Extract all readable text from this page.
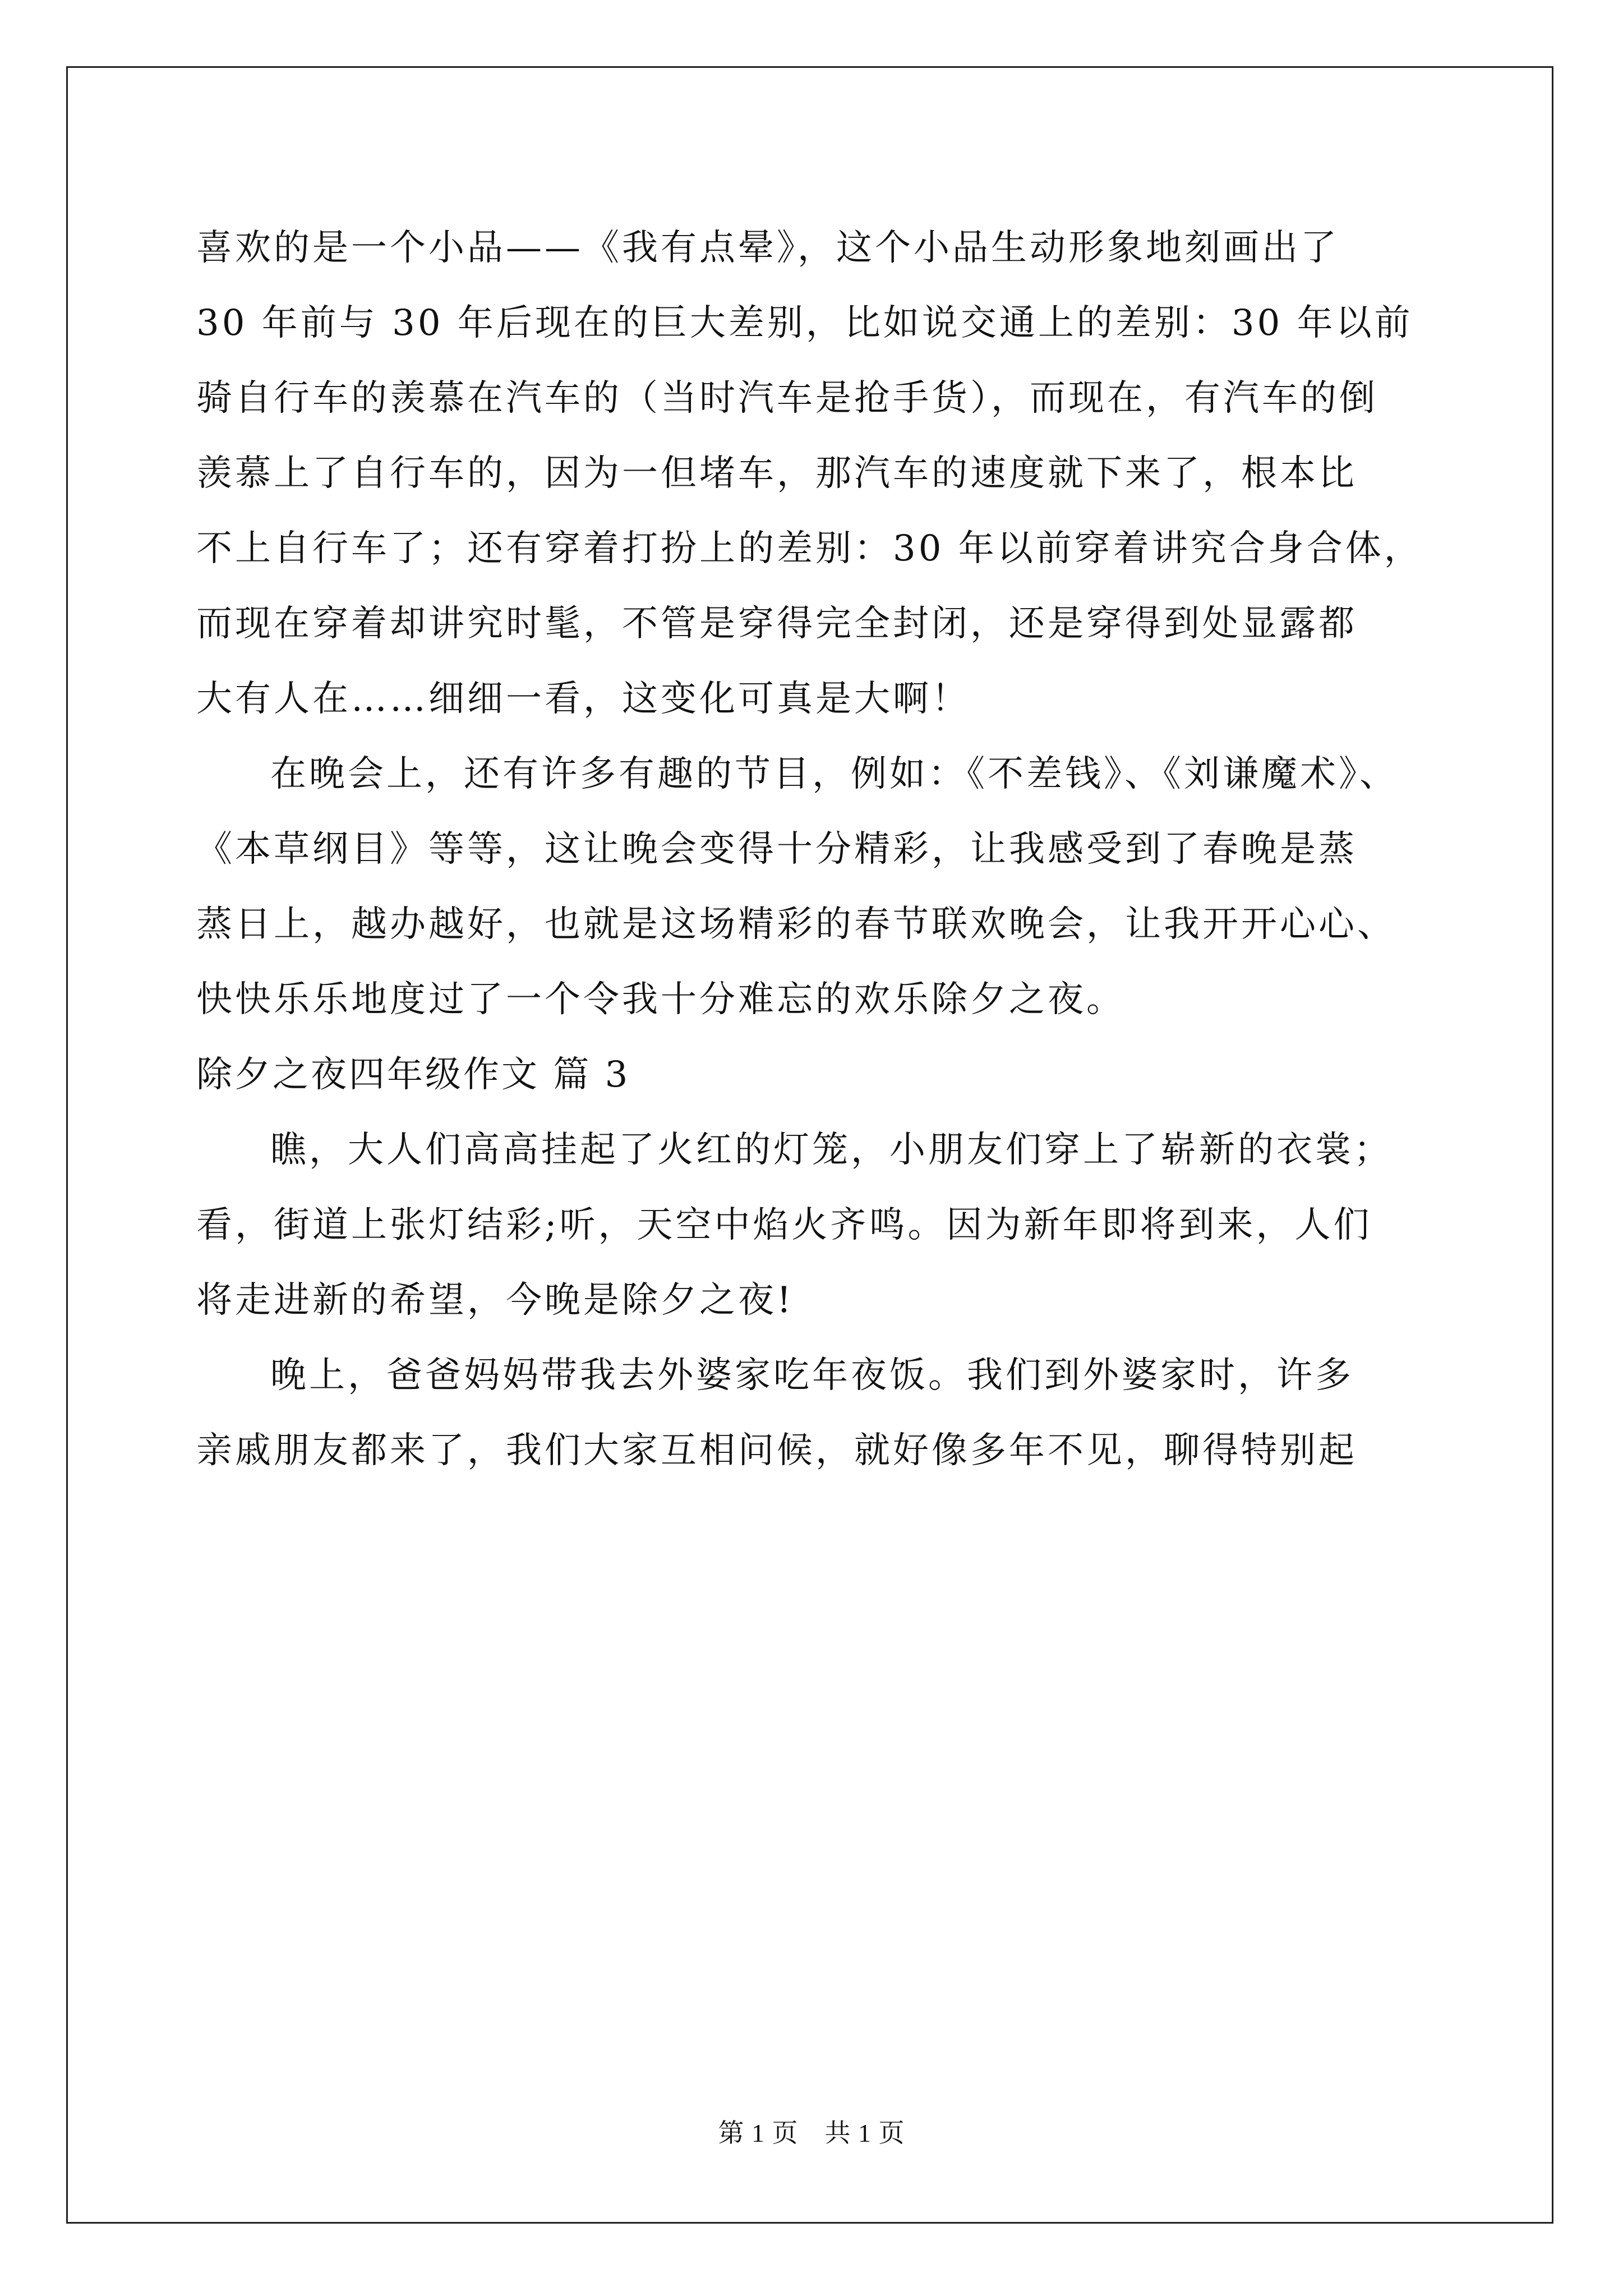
喜欢的是一个小品——《我有点晕》，这个小品生动形象地刻画出了
30 年前与 30 年后现在的巨大差别，比如说交通上的差别：30 年以前
骑自行车的羡慕在汽车的（当时汽车是抢手货），而现在，有汽车的倒
羡慕上了自行车的，因为一但堵车，那汽车的速度就下来了，根本比
不上自行车了；还有穿着打扮上的差别：30 年以前穿着讲究合身合体，
而现在穿着却讲究时髦，不管是穿得完全封闭，还是穿得到处显露都
大有人在……细细一看，这变化可真是大啊！
在晚会上，还有许多有趣的节目，例如：《不差钱》、《刘谦魔术》、
《本草纲目》等等，这让晚会变得十分精彩，让我感受到了春晚是蒸
蒸日上，越办越好，也就是这场精彩的春节联欢晚会，让我开开心心、
快快乐乐地度过了一个令我十分难忘的欢乐除夕之夜。
除夕之夜四年级作文 篇 3
瞧，大人们高高挂起了火红的灯笼，小朋友们穿上了崭新的衣裳；
看，街道上张灯结彩;听，天空中焰火齐鸣。因为新年即将到来，人们
将走进新的希望，今晚是除夕之夜!
晚上，爸爸妈妈带我去外婆家吃年夜饭。我们到外婆家时，许多
亲戚朋友都来了，我们大家互相问候，就好像多年不见，聊得特别起
第 1 页　共 1 页
